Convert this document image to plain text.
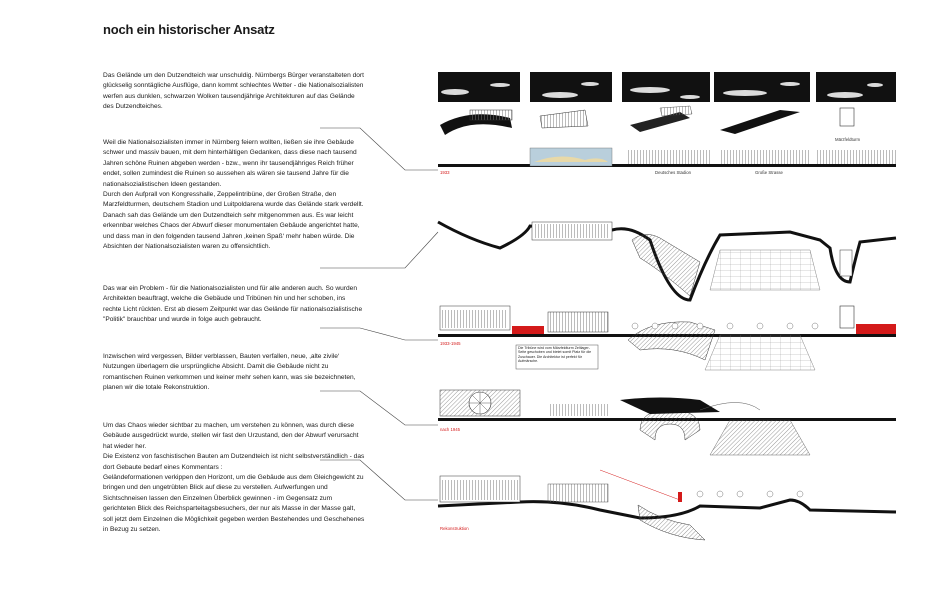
noch ein historischer Ansatz

Das Gelände um den Dutzendteich war unschuldig. Nürnbergs Bürger veranstalteten dort glückselig sonntägliche Ausflüge, dann kommt schlechtes Wetter - die Nationalsozialisten werfen aus dunklen, schwarzen Wolken tausendjährige Architekturen auf das Gelände des Dutzendteiches.

Weil die Nationalsozialisten immer in Nürnberg feiern wollten, ließen sie ihre Gebäude schwer und massiv bauen, mit dem hinterhältigen Gedanken, dass diese nach tausend Jahren schöne Ruinen abgeben werden - bzw., wenn ihr tausendjähriges Reich früher endet, sollen zumindest die Ruinen so aussehen als wären sie tausend Jahre für die nationalsozialistischen Ideen gestanden.

Durch den Aufprall von Kongresshalle, Zeppelintribüne, der Großen Straße, den Marzfeldturmen, deutschem Stadion und Luitpoldarena wurde das Gelände stark verdellt. Danach sah das Gelände um den Dutzendteich sehr mitgenommen aus. Es war leicht erkennbar welches Chaos der Abwurf dieser monumentalen Gebäude angerichtet hatte, und dass man in den folgenden tausend Jahren ‚keinen Spaß‘ mehr haben würde. Die Absichten der Nationalsozialisten waren zu offensichtlich.

Das war ein Problem - für die Nationalsozialisten und für alle anderen auch. So wurden Architekten beauftragt, welche die Gebäude und Tribünen hin und her schoben, ins rechte Licht rückten. Erst ab diesem Zeitpunkt war das Gelände für nationalsozialistische "Politik" brauchbar und wurde in folge auch gebraucht.

Inzwischen wird vergessen, Bilder verblassen, Bauten verfallen, neue, ‚alte zivile‘ Nutzungen überlagern die ursprüngliche Absicht. Damit die Gebäude nicht zu romantischen Ruinen verkommen und keiner mehr sehen kann, was sie bezeichneten, planen wir die totale Rekonstruktion.

Um das Chaos wieder sichtbar zu machen, um verstehen zu können, was durch diese Gebäude ausgedrückt wurde, stellen wir fast den Urzustand, den der Abwurf verursacht hat wieder her.

Die Existenz von faschistischen Bauten am Dutzendteich ist nicht selbstverständlich - das dort Gebaute bedarf eines Kommentars :

Geländeformationen verkippen den Horizont, um die Gebäude aus dem Gleichgewicht zu bringen und den ungetrübten Blick auf diese zu verstellen. Aufwerfungen und Sichtschneisen lassen den Einzelnen Überblick gewinnen - im Gegensatz zum gerichteten Blick des Reichsparteitagsbesuchers, der nur als Masse in der Masse galt, soll jetzt dem Einzelnen die Möglichkeit gegeben werden Bestehendes und Geschehenes in Bezug zu setzen.

Märzfeldturm
1933	Deutsches Stadion	Große Strasse
1933-1945
Die Tribüne wird vom Märzfeldturm Zeltlager-Seite geschoben und bietet somit Platz für die Zuschauer. Die Architektur ist perfekt für Aufmärsche.
nach 1945
Rekonstruktion
